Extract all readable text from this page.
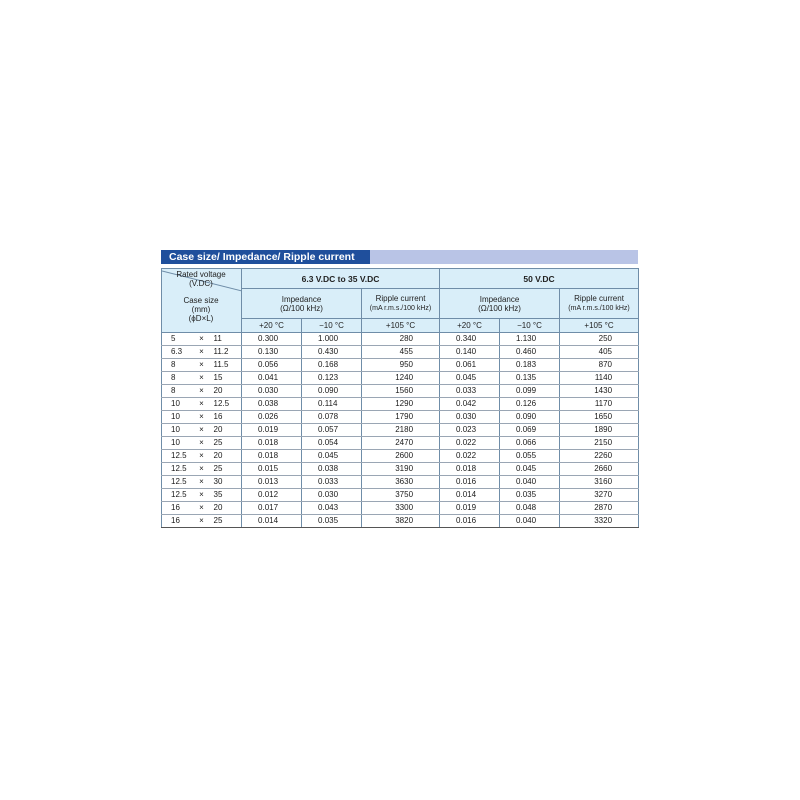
Case size/ Impedance/ Ripple current
Rated voltage
(V.DC)
Case size
(mm)
(ϕD×L)			6.3 V.DC to 35 V.DC			50 V.DC		
			Impedance
(Ω/100 kHz)		Ripple current
(mA r.m.s./100 kHz)	Impedance
(Ω/100 kHz)		Ripple current
(mA r.m.s./100 kHz)
			+20 °C	−10 °C	+105 °C	+20 °C	−10 °C	+105 °C
5	×	11	0.300	1.000	280	0.340	1.130	250
6.3	×	11.2	0.130	0.430	455	0.140	0.460	405
8	×	11.5	0.056	0.168	950	0.061	0.183	870
8	×	15	0.041	0.123	1240	0.045	0.135	1140
8	×	20	0.030	0.090	1560	0.033	0.099	1430
10	×	12.5	0.038	0.114	1290	0.042	0.126	1170
10	×	16	0.026	0.078	1790	0.030	0.090	1650
10	×	20	0.019	0.057	2180	0.023	0.069	1890
10	×	25	0.018	0.054	2470	0.022	0.066	2150
12.5	×	20	0.018	0.045	2600	0.022	0.055	2260
12.5	×	25	0.015	0.038	3190	0.018	0.045	2660
12.5	×	30	0.013	0.033	3630	0.016	0.040	3160
12.5	×	35	0.012	0.030	3750	0.014	0.035	3270
16	×	20	0.017	0.043	3300	0.019	0.048	2870
16	×	25	0.014	0.035	3820	0.016	0.040	3320
